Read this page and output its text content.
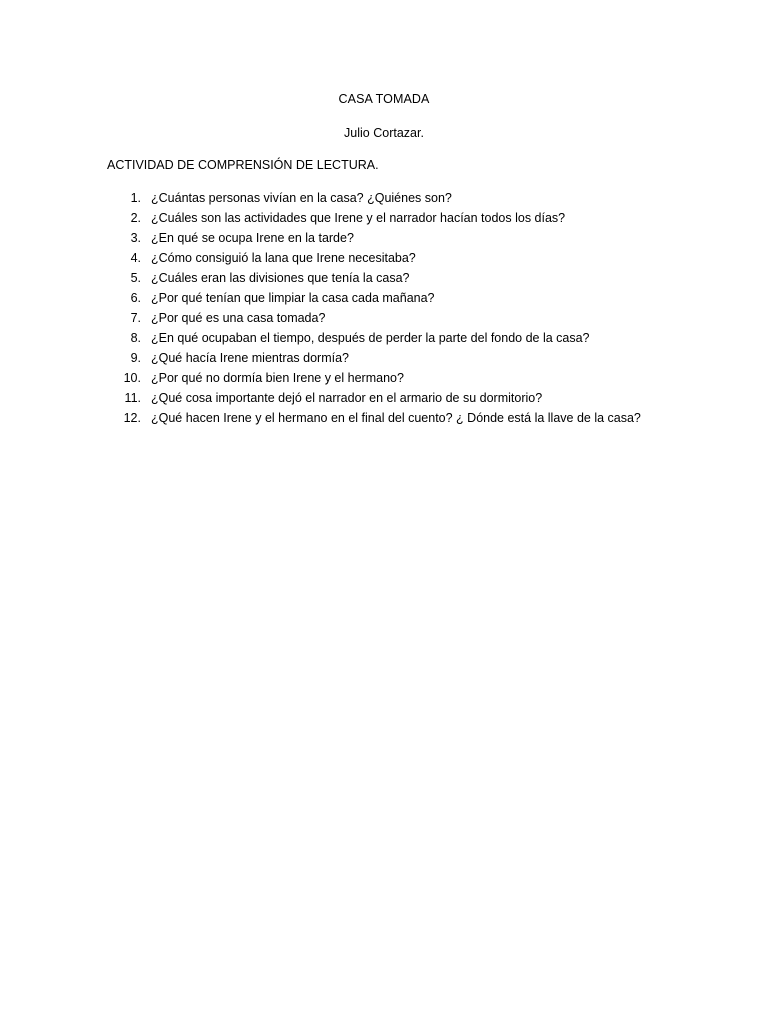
CASA TOMADA
Julio Cortazar.
ACTIVIDAD DE COMPRENSIÓN DE LECTURA.
1. ¿Cuántas personas vivían en la casa? ¿Quiénes son?
2. ¿Cuáles son las actividades que Irene y el narrador hacían todos los días?
3. ¿En qué se ocupa Irene en la tarde?
4. ¿Cómo consiguió la lana que Irene necesitaba?
5. ¿Cuáles eran las divisiones que tenía la casa?
6. ¿Por qué tenían que limpiar la casa cada mañana?
7. ¿Por qué es una casa tomada?
8. ¿En qué ocupaban el tiempo, después de perder la parte del fondo de la casa?
9. ¿Qué hacía Irene mientras dormía?
10. ¿Por qué no dormía bien Irene y el hermano?
11. ¿Qué cosa importante dejó el narrador en el armario de su dormitorio?
12. ¿Qué hacen Irene y el hermano en el final del cuento? ¿ Dónde está la llave de la casa?
